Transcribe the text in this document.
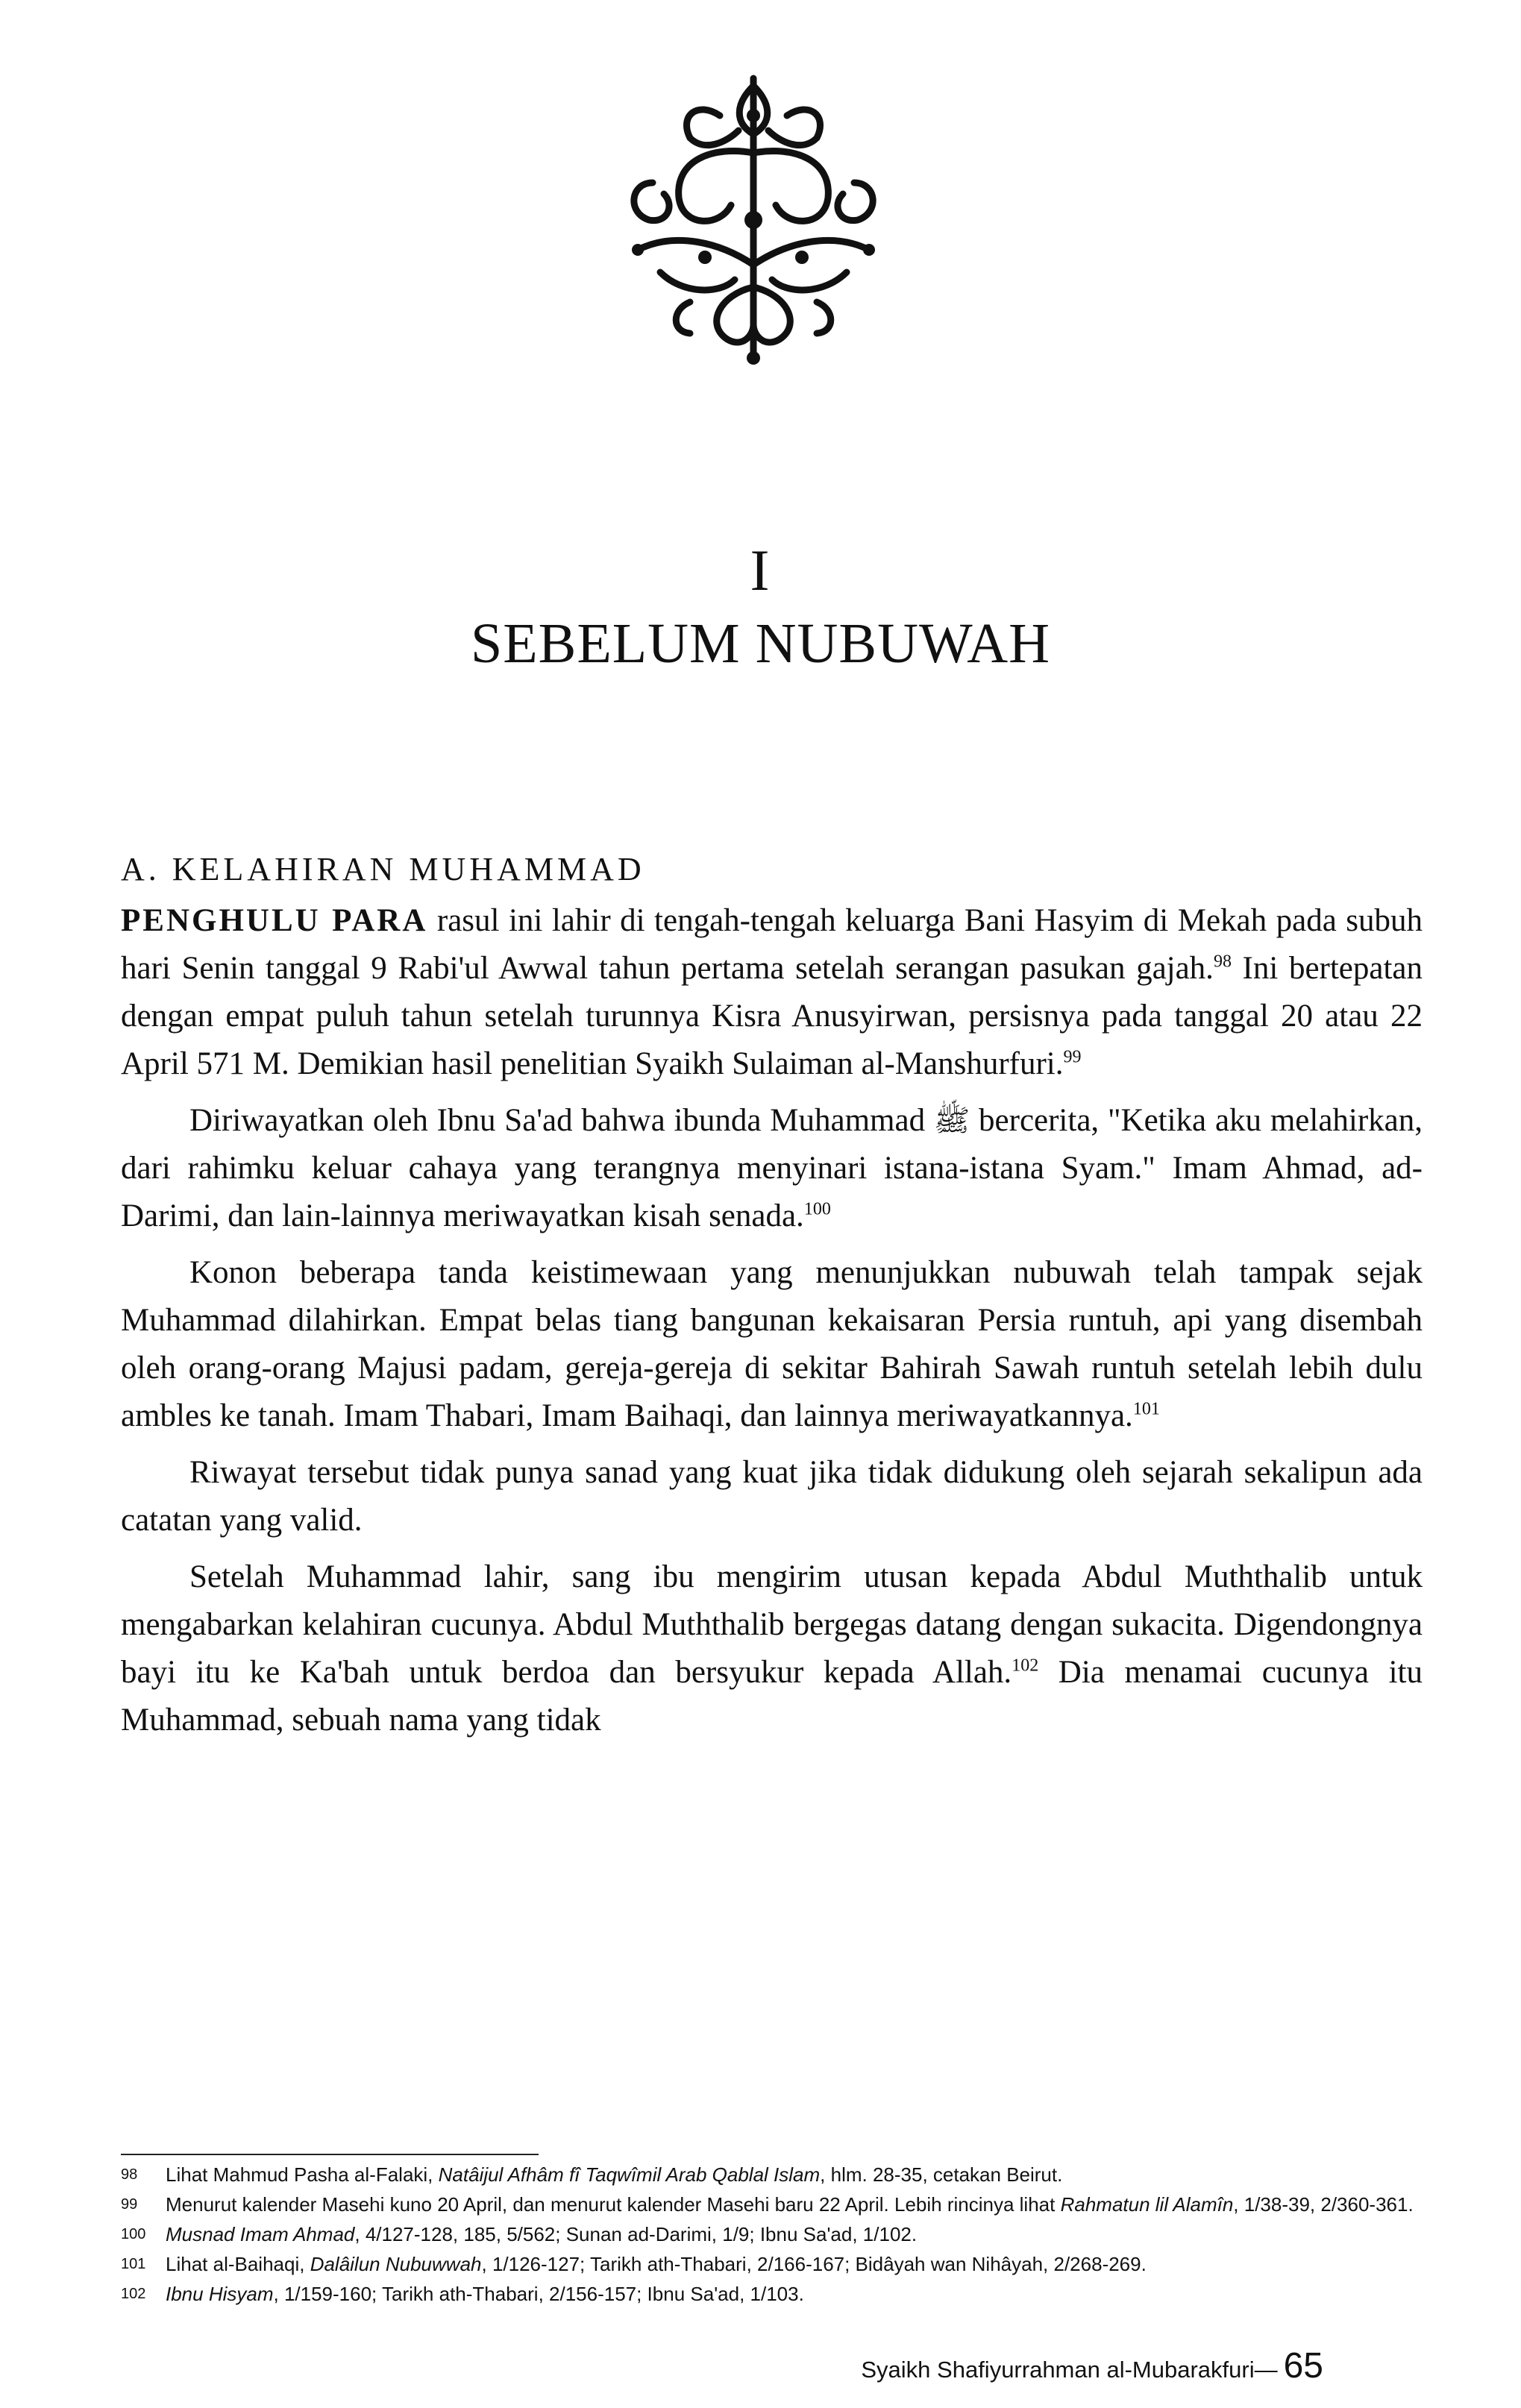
I
SEBELUM NUBUWAH
A. KELAHIRAN MUHAMMAD

PENGHULU PARA rasul ini lahir di tengah-tengah keluarga Bani Hasyim di Mekah pada subuh hari Senin tanggal 9 Rabi'ul Awwal tahun pertama setelah serangan pasukan gajah.$^{98}$ Ini bertepatan dengan empat puluh tahun setelah turunnya Kisra Anusyirwan, persisnya pada tanggal 20 atau 22 April 571 M. Demikian hasil penelitian Syaikh Sulaiman al-Manshurfuri.$^{99}$

Diriwayatkan oleh Ibnu Sa'ad bahwa ibunda Muhammad ﷺ bercerita, "Ketika aku melahirkan, dari rahimku keluar cahaya yang terangnya menyinari istana-istana Syam." Imam Ahmad, ad-Darimi, dan lain-lainnya meriwayatkan kisah senada.$^{100}$

Konon beberapa tanda keistimewaan yang menunjukkan nubuwah telah tampak sejak Muhammad dilahirkan. Empat belas tiang bangunan kekaisaran Persia runtuh, api yang disembah oleh orang-orang Majusi padam, gereja-gereja di sekitar Bahirah Sawah runtuh setelah lebih dulu ambles ke tanah. Imam Thabari, Imam Baihaqi, dan lainnya meriwayatkannya.$^{101}$

Riwayat tersebut tidak punya sanad yang kuat jika tidak didukung oleh sejarah sekalipun ada catatan yang valid.

Setelah Muhammad lahir, sang ibu mengirim utusan kepada Abdul Muththalib untuk mengabarkan kelahiran cucunya. Abdul Muththalib bergegas datang dengan sukacita. Digendongnya bayi itu ke Ka'bah untuk berdoa dan bersyukur kepada Allah.$^{102}$ Dia menamai cucunya itu Muhammad, sebuah nama yang tidak

98	Lihat Mahmud Pasha al-Falaki, Natâijul Afhâm fî Taqwîmil Arab Qablal Islam, hlm. 28-35, cetakan Beirut.
99	Menurut kalender Masehi kuno 20 April, dan menurut kalender Masehi baru 22 April. Lebih rincinya lihat Rahmatun lil Alamîn, 1/38-39, 2/360-361.
100	Musnad Imam Ahmad, 4/127-128, 185, 5/562; Sunan ad-Darimi, 1/9; Ibnu Sa'ad, 1/102.
101	Lihat al-Baihaqi, Dalâilun Nubuwwah, 1/126-127; Tarikh ath-Thabari, 2/166-167; Bidâyah wan Nihâyah, 2/268-269.
102	Ibnu Hisyam, 1/159-160; Tarikh ath-Thabari, 2/156-157; Ibnu Sa'ad, 1/103.
Syaikh Shafiyurrahman al-Mubarakfuri— 65
